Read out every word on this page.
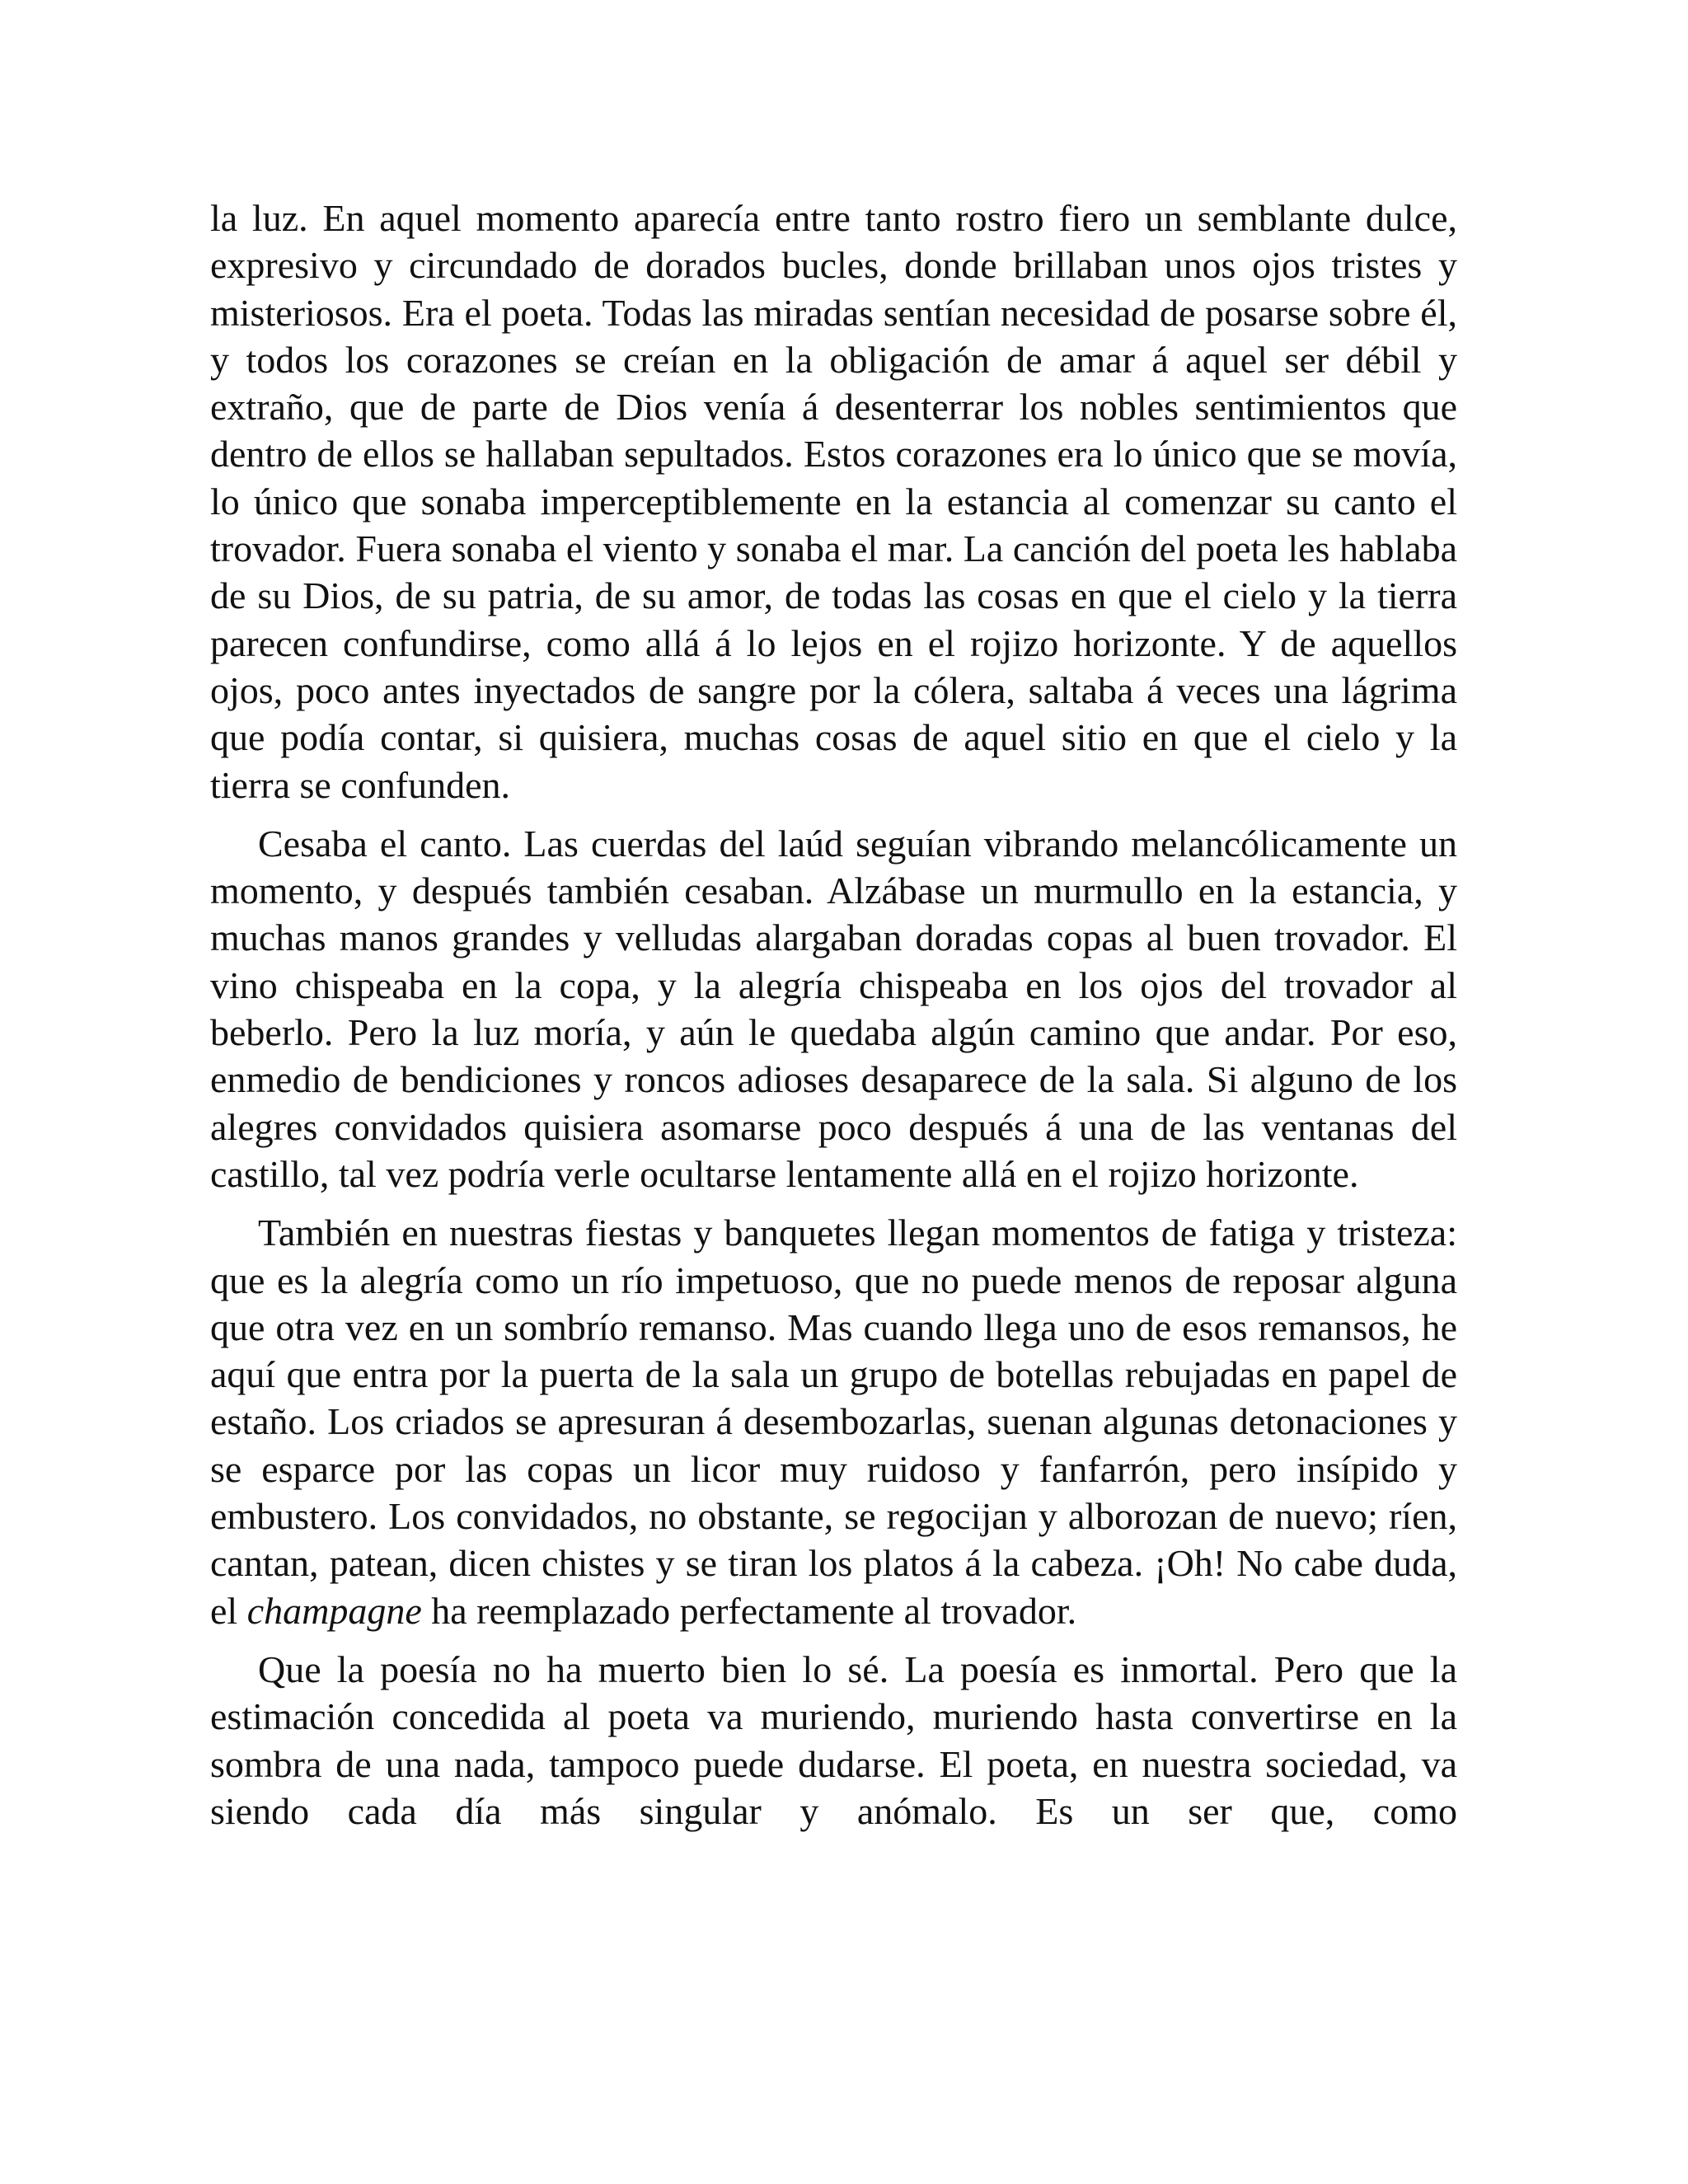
la luz. En aquel momento aparecía entre tanto rostro fiero un semblante dulce, expresivo y circundado de dorados bucles, donde brillaban unos ojos tristes y misteriosos. Era el poeta. Todas las miradas sentían necesidad de posarse sobre él, y todos los corazones se creían en la obligación de amar á aquel ser débil y extraño, que de parte de Dios venía á desenterrar los nobles sentimientos que dentro de ellos se hallaban sepultados. Estos corazones era lo único que se movía, lo único que sonaba imperceptiblemente en la estancia al comenzar su canto el trovador. Fuera sonaba el viento y sonaba el mar. La canción del poeta les hablaba de su Dios, de su patria, de su amor, de todas las cosas en que el cielo y la tierra parecen confundirse, como allá á lo lejos en el rojizo horizonte. Y de aquellos ojos, poco antes inyectados de sangre por la cólera, saltaba á veces una lágrima que podía contar, si quisiera, muchas cosas de aquel sitio en que el cielo y la tierra se confunden.

Cesaba el canto. Las cuerdas del laúd seguían vibrando melancólicamente un momento, y después también cesaban. Alzábase un murmullo en la estancia, y muchas manos grandes y velludas alargaban doradas copas al buen trovador. El vino chispeaba en la copa, y la alegría chispeaba en los ojos del trovador al beberlo. Pero la luz moría, y aún le quedaba algún camino que andar. Por eso, enmedio de bendiciones y roncos adioses desaparece de la sala. Si alguno de los alegres convidados quisiera asomarse poco después á una de las ventanas del castillo, tal vez podría verle ocultarse lentamente allá en el rojizo horizonte.

También en nuestras fiestas y banquetes llegan momentos de fatiga y tristeza: que es la alegría como un río impetuoso, que no puede menos de reposar alguna que otra vez en un sombrío remanso. Mas cuando llega uno de esos remansos, he aquí que entra por la puerta de la sala un grupo de botellas rebujadas en papel de estaño. Los criados se apresuran á desembozarlas, suenan algunas detonaciones y se esparce por las copas un licor muy ruidoso y fanfarrón, pero insípido y embustero. Los convidados, no obstante, se regocijan y alborozan de nuevo; ríen, cantan, patean, dicen chistes y se tiran los platos á la cabeza. ¡Oh! No cabe duda, el champagne ha reemplazado perfectamente al trovador.

Que la poesía no ha muerto bien lo sé. La poesía es inmortal. Pero que la estimación concedida al poeta va muriendo, muriendo hasta convertirse en la sombra de una nada, tampoco puede dudarse. El poeta, en nuestra sociedad, va siendo cada día más singular y anómalo. Es un ser que, como
